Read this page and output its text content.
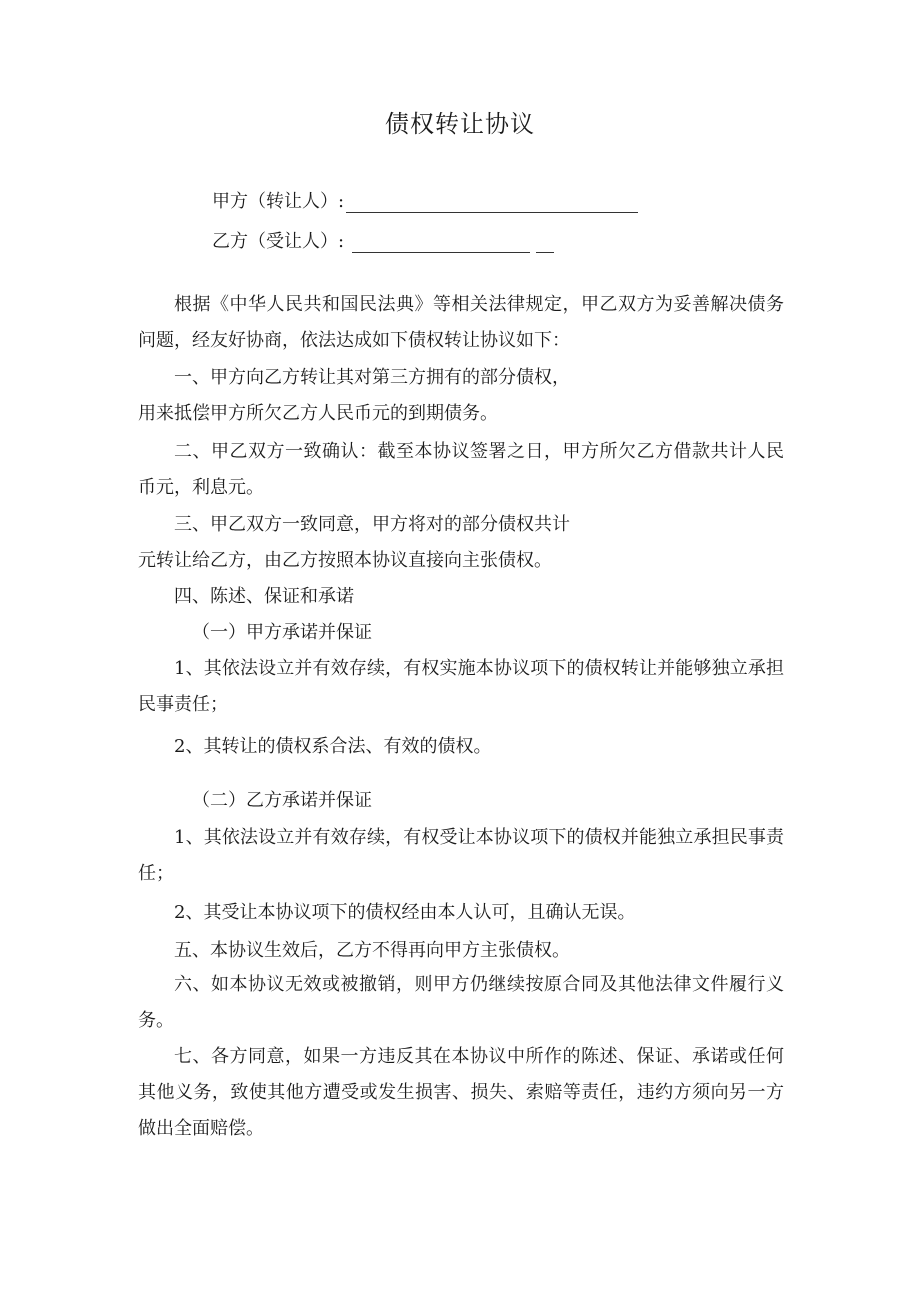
债权转让协议
甲方（转让人）:
乙方（受让人）:

根据《中华人民共和国民法典》等相关法律规定，甲乙双方为妥善解决债务问题，经友好协商，依法达成如下债权转让协议如下：

一、甲方向乙方转让其对第三方拥有的部分债权，

用来抵偿甲方所欠乙方人民币元的到期债务。

二、甲乙双方一致确认：截至本协议签署之日，甲方所欠乙方借款共计人民币元，利息元。

三、甲乙双方一致同意，甲方将对的部分债权共计

元转让给乙方，由乙方按照本协议直接向主张债权。

四、陈述、保证和承诺

（一）甲方承诺并保证

1、其依法设立并有效存续，有权实施本协议项下的债权转让并能够独立承担民事责任；

2、其转让的债权系合法、有效的债权。

（二）乙方承诺并保证

1、其依法设立并有效存续，有权受让本协议项下的债权并能独立承担民事责任；

2、其受让本协议项下的债权经由本人认可，且确认无误。

五、本协议生效后，乙方不得再向甲方主张债权。

六、如本协议无效或被撤销，则甲方仍继续按原合同及其他法律文件履行义务。

七、各方同意，如果一方违反其在本协议中所作的陈述、保证、承诺或任何其他义务，致使其他方遭受或发生损害、损失、索赔等责任，违约方须向另一方做出全面赔偿。
